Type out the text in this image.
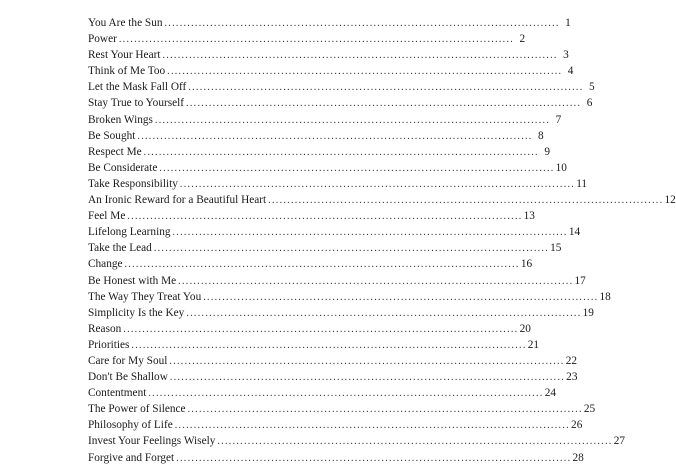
You Are the Sun . . .	1
Power . . .	2
Rest Your Heart . . .	3
Think of Me Too . . .	4
Let the Mask Fall Off . . .	5
Stay True to Yourself . . .	6
Broken Wings . . .	7
Be Sought . . .	8
Respect Me . . .	9
Be Considerate . . .	10
Take Responsibility . . .	11
An Ironic Reward for a Beautiful Heart . . .	12
Feel Me . . .	13
Lifelong Learning . . .	14
Take the Lead . . .	15
Change . . .	16
Be Honest with Me . . .	17
The Way They Treat You . . .	18
Simplicity Is the Key . . .	19
Reason . . .	20
Priorities . . .	21
Care for My Soul . . .	22
Don't Be Shallow . . .	23
Contentment . . .	24
The Power of Silence . . .	25
Philosophy of Life . . .	26
Invest Your Feelings Wisely . . .	27
Forgive and Forget . . .	28
